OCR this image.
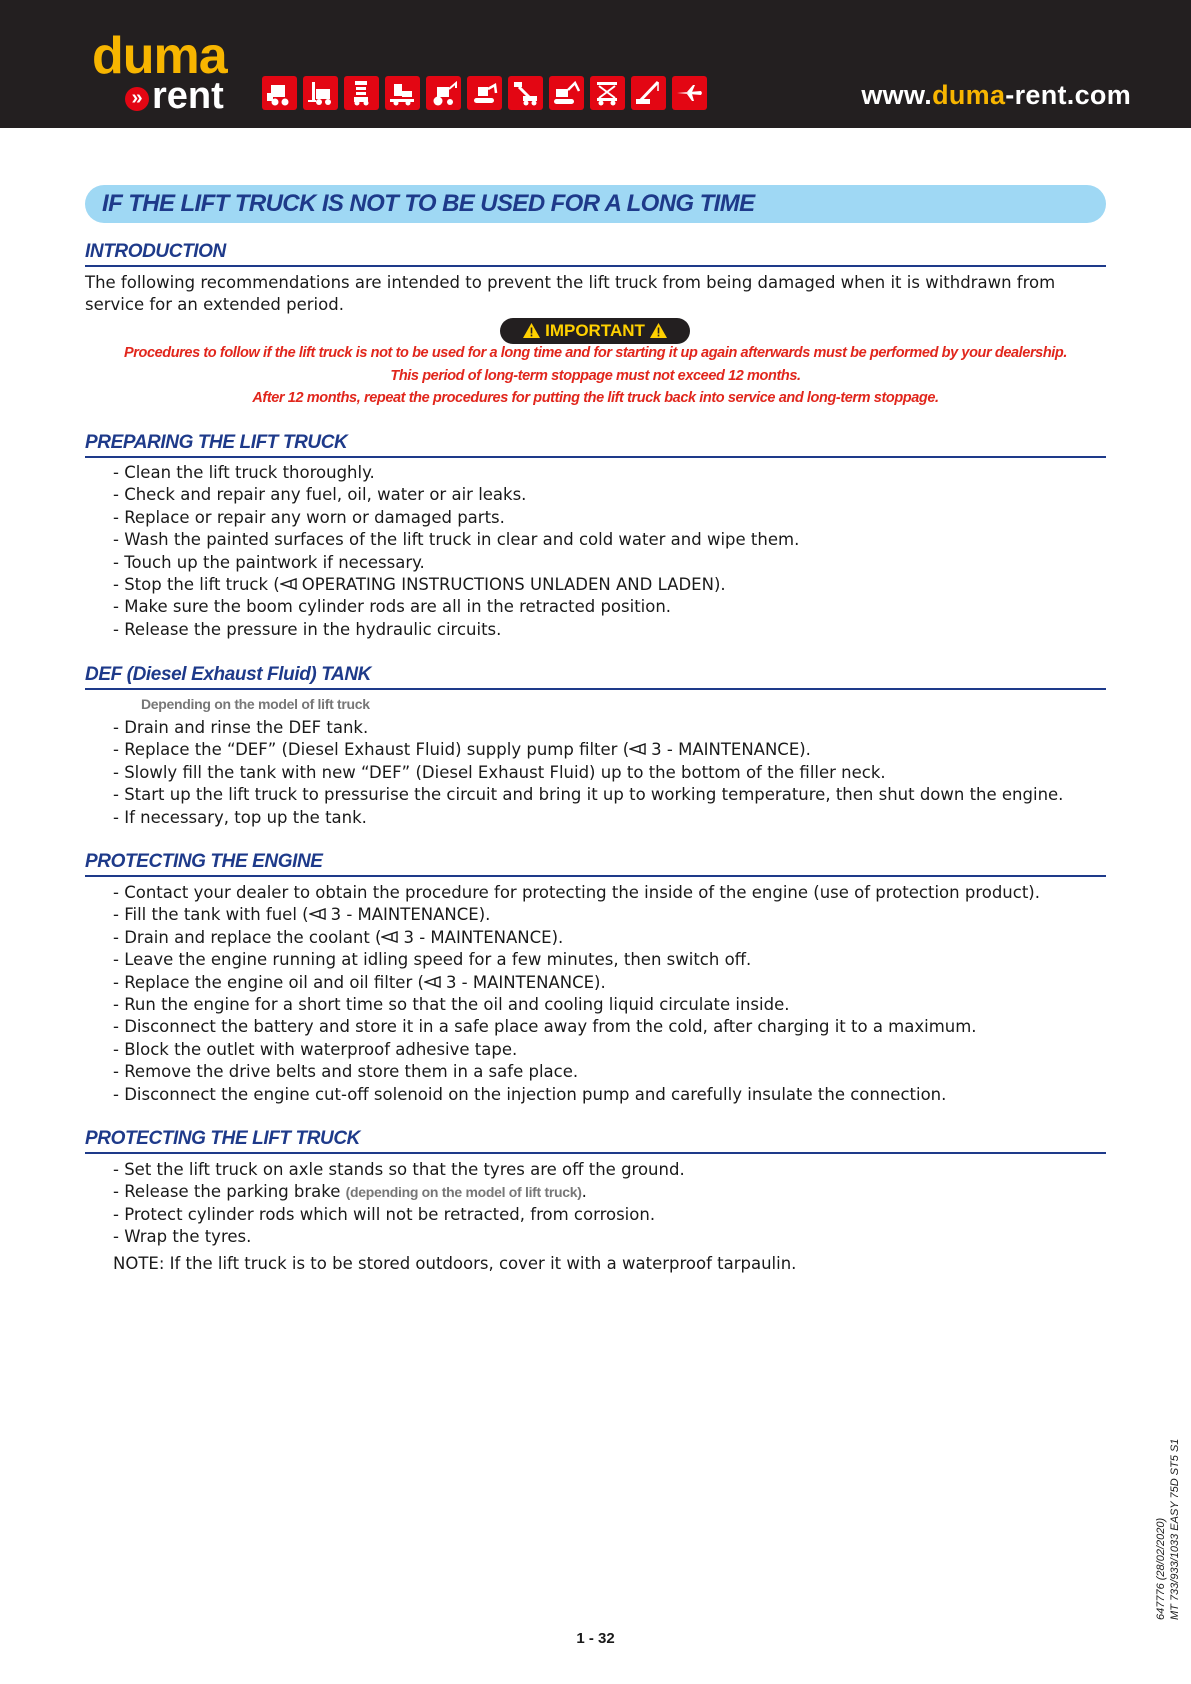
duma
» rent	www.duma-rent.com
IF THE LIFT TRUCK IS NOT TO BE USED FOR A LONG TIME
INTRODUCTION
The following recommendations are intended to prevent the lift truck from being damaged when it is withdrawn from service for an extended period.
IMPORTANT
Procedures to follow if the lift truck is not to be used for a long time and for starting it up again afterwards must be performed by your dealership.
This period of long-term stoppage must not exceed 12 months.
After 12 months, repeat the procedures for putting the lift truck back into service and long-term stoppage.
PREPARING THE LIFT TRUCK
- Clean the lift truck thoroughly.
- Check and repair any fuel, oil, water or air leaks.
- Replace or repair any worn or damaged parts.
- Wash the painted surfaces of the lift truck in clear and cold water and wipe them.
- Touch up the paintwork if necessary.
- Stop the lift truck ( OPERATING INSTRUCTIONS UNLADEN AND LADEN).
- Make sure the boom cylinder rods are all in the retracted position.
- Release the pressure in the hydraulic circuits.
DEF (Diesel Exhaust Fluid) TANK
Depending on the model of lift truck
- Drain and rinse the DEF tank.
- Replace the “DEF” (Diesel Exhaust Fluid) supply pump filter ( 3 - MAINTENANCE).
- Slowly fill the tank with new “DEF” (Diesel Exhaust Fluid) up to the bottom of the filler neck.
- Start up the lift truck to pressurise the circuit and bring it up to working temperature, then shut down the engine.
- If necessary, top up the tank.
PROTECTING THE ENGINE
- Contact your dealer to obtain the procedure for protecting the inside of the engine (use of protection product).
- Fill the tank with fuel ( 3 - MAINTENANCE).
- Drain and replace the coolant ( 3 - MAINTENANCE).
- Leave the engine running at idling speed for a few minutes, then switch off.
- Replace the engine oil and oil filter ( 3 - MAINTENANCE).
- Run the engine for a short time so that the oil and cooling liquid circulate inside.
- Disconnect the battery and store it in a safe place away from the cold, after charging it to a maximum.
- Block the outlet with waterproof adhesive tape.
- Remove the drive belts and store them in a safe place.
- Disconnect the engine cut-off solenoid on the injection pump and carefully insulate the connection.
PROTECTING THE LIFT TRUCK
- Set the lift truck on axle stands so that the tyres are off the ground.
- Release the parking brake (depending on the model of lift truck).
- Protect cylinder rods which will not be retracted, from corrosion.
- Wrap the tyres.
NOTE: If the lift truck is to be stored outdoors, cover it with a waterproof tarpaulin.
1 - 32
647776 (28/02/2020) MT 733/933/1033 EASY 75D ST5 S1
